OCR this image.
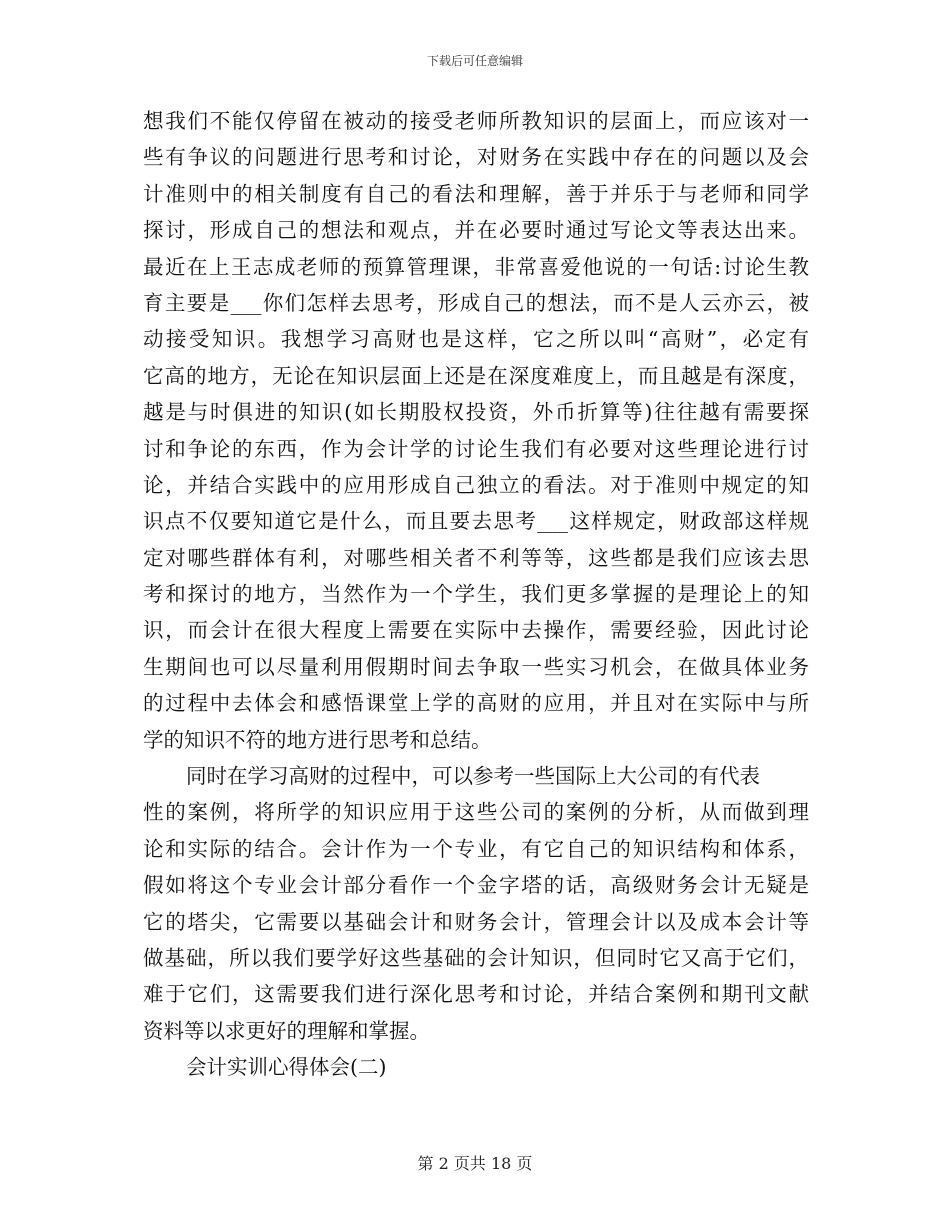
下载后可任意编辑
想我们不能仅停留在被动的接受老师所教知识的层面上，而应该对一
些有争议的问题进行思考和讨论，对财务在实践中存在的问题以及会
计准则中的相关制度有自己的看法和理解，善于并乐于与老师和同学
探讨，形成自己的想法和观点，并在必要时通过写论文等表达出来。
最近在上王志成老师的预算管理课，非常喜爱他说的一句话:讨论生教
育主要是___你们怎样去思考，形成自己的想法，而不是人云亦云，被
动接受知识。我想学习高财也是这样，它之所以叫“高财”，必定有
它高的地方，无论在知识层面上还是在深度难度上，而且越是有深度，
越是与时俱进的知识(如长期股权投资，外币折算等)往往越有需要探
讨和争论的东西，作为会计学的讨论生我们有必要对这些理论进行讨
论，并结合实践中的应用形成自己独立的看法。对于准则中规定的知
识点不仅要知道它是什么，而且要去思考___这样规定，财政部这样规
定对哪些群体有利，对哪些相关者不利等等，这些都是我们应该去思
考和探讨的地方，当然作为一个学生，我们更多掌握的是理论上的知
识，而会计在很大程度上需要在实际中去操作，需要经验，因此讨论
生期间也可以尽量利用假期时间去争取一些实习机会，在做具体业务
的过程中去体会和感悟课堂上学的高财的应用，并且对在实际中与所
学的知识不符的地方进行思考和总结。
同时在学习高财的过程中，可以参考一些国际上大公司的有代表
性的案例，将所学的知识应用于这些公司的案例的分析，从而做到理
论和实际的结合。会计作为一个专业，有它自己的知识结构和体系，
假如将这个专业会计部分看作一个金字塔的话，高级财务会计无疑是
它的塔尖，它需要以基础会计和财务会计，管理会计以及成本会计等
做基础，所以我们要学好这些基础的会计知识，但同时它又高于它们，
难于它们，这需要我们进行深化思考和讨论，并结合案例和期刊文献
资料等以求更好的理解和掌握。
会计实训心得体会(二)
第 2 页共 18 页
